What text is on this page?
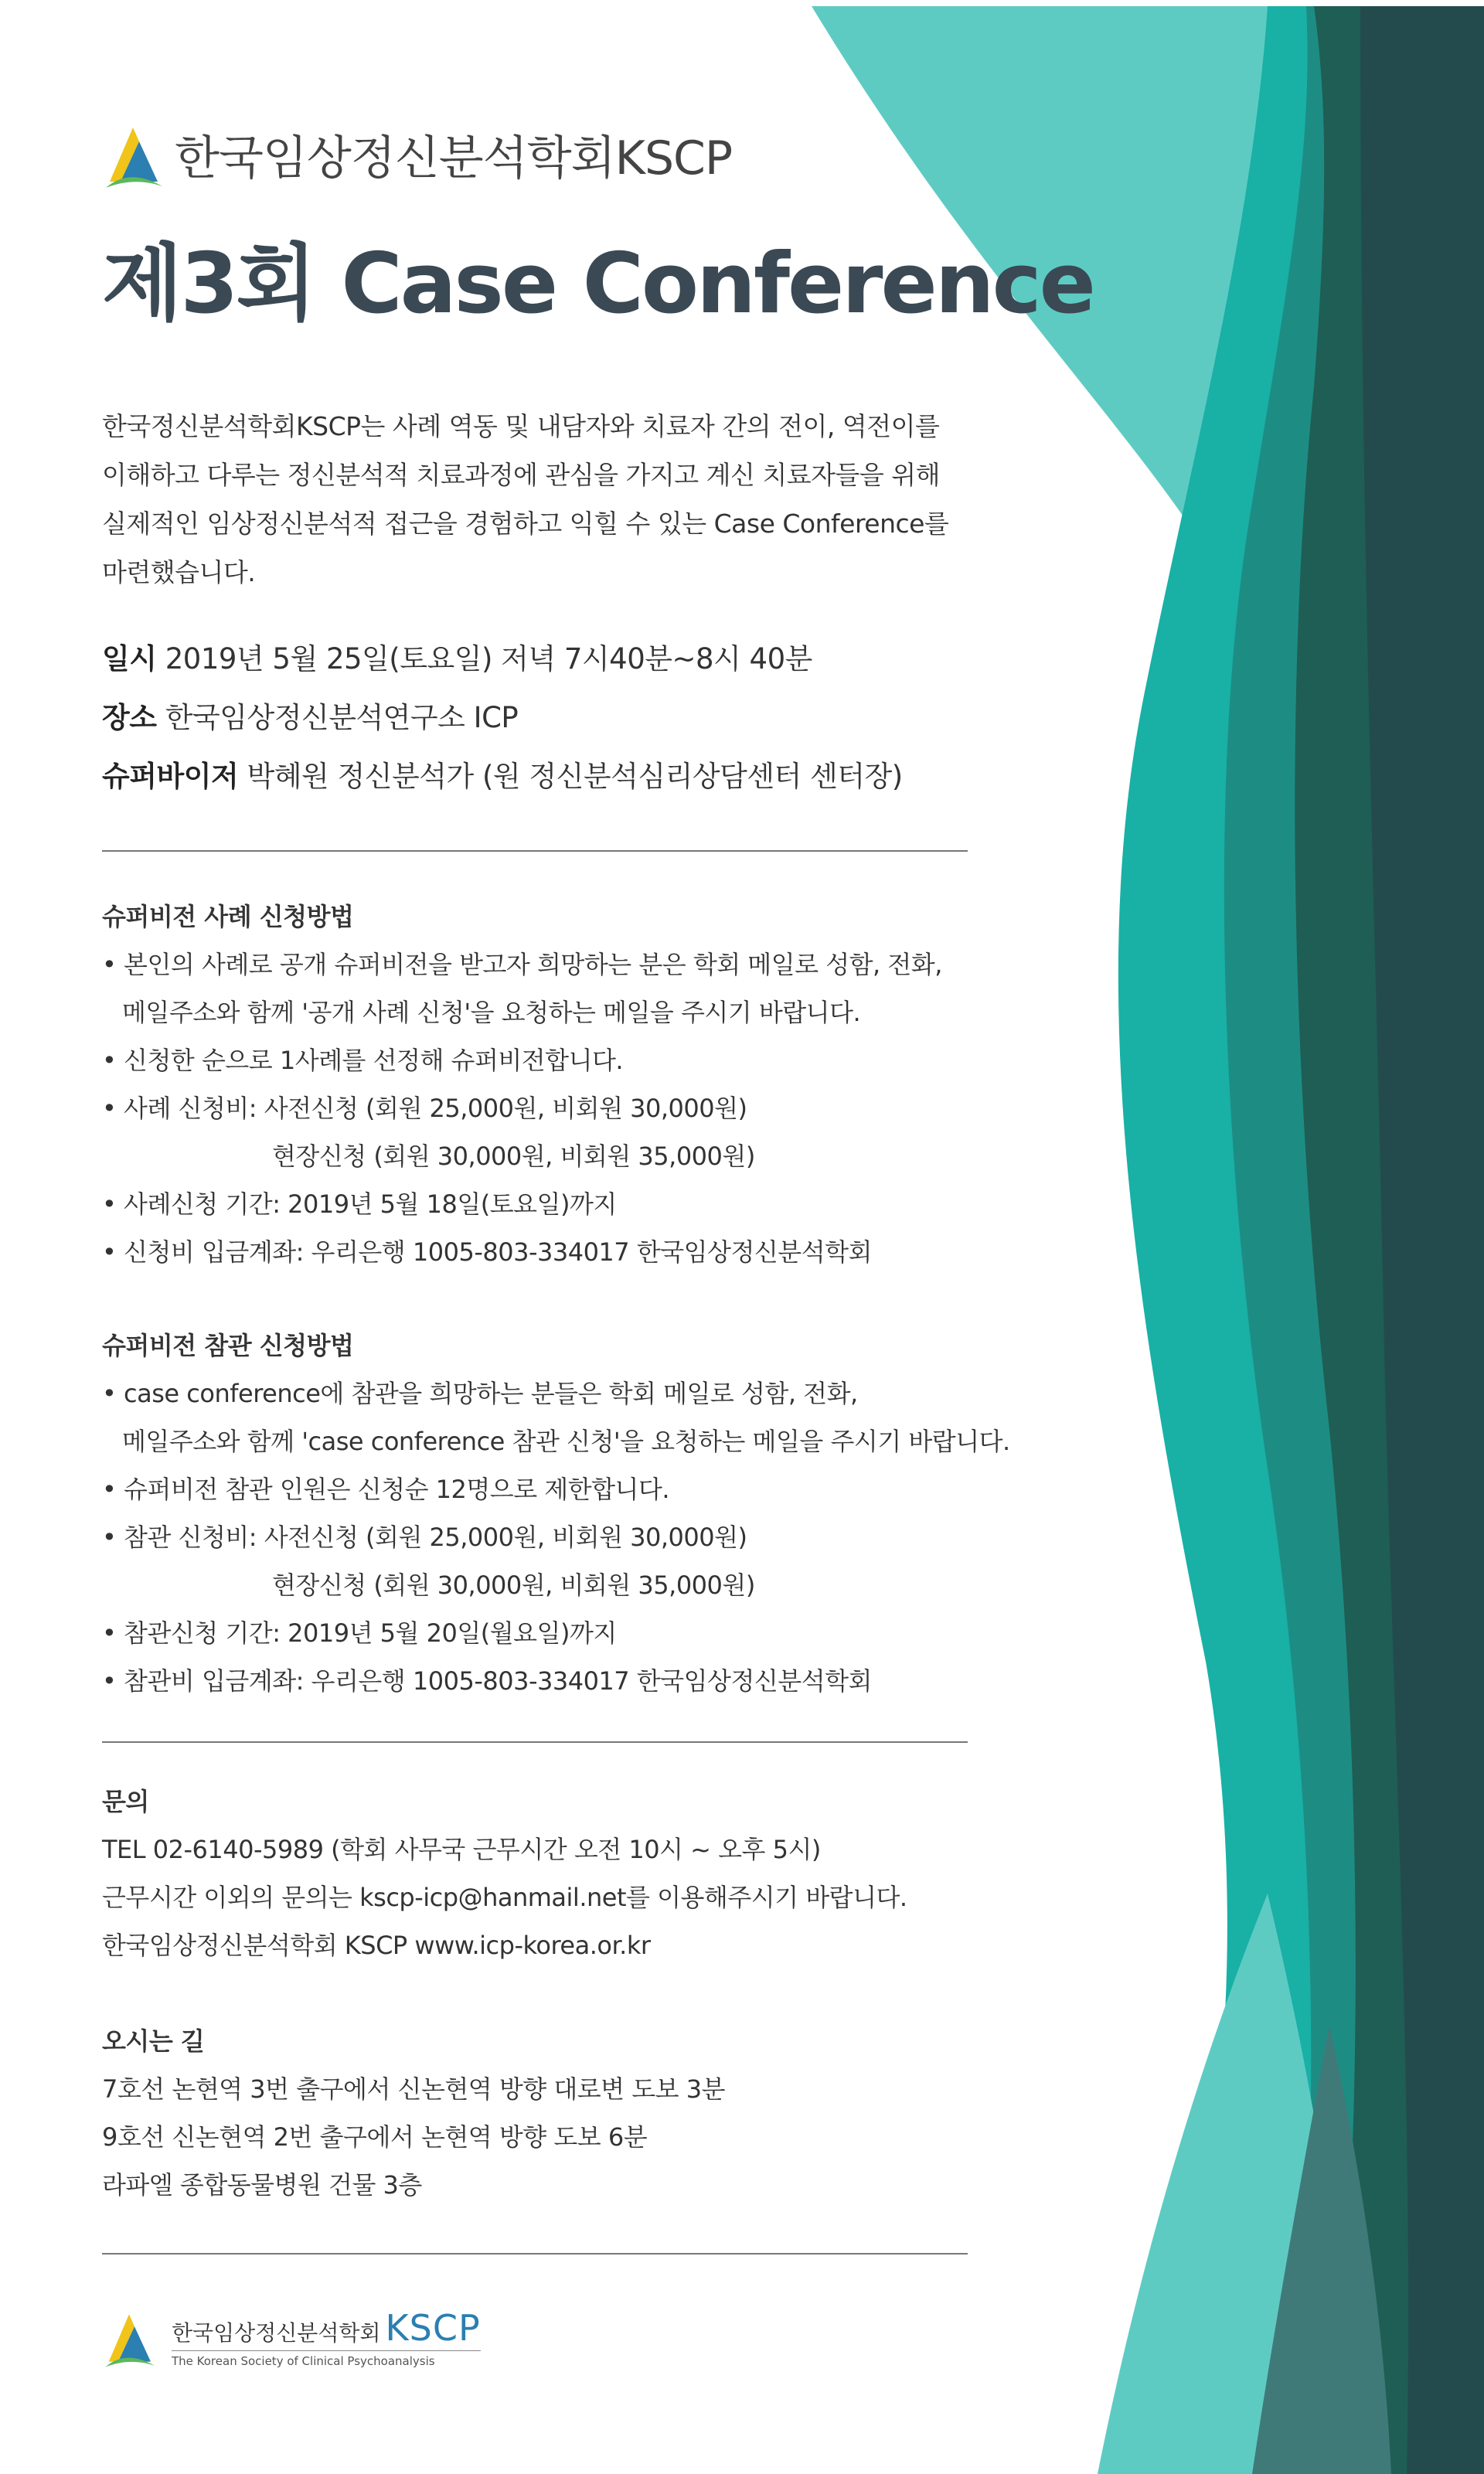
한국임상정신분석학회KSCP
제3회 Case Conference

한국정신분석학회KSCP는 사례 역동 및 내담자와 치료자 간의 전이, 역전이를

이해하고 다루는 정신분석적 치료과정에 관심을 가지고 계신 치료자들을 위해

실제적인 임상정신분석적 접근을 경험하고 익힐 수 있는 Case Conference를

마련했습니다.

일시 2019년 5월 25일(토요일) 저녁 7시40분~8시 40분
장소 한국임상정신분석연구소 ICP
슈퍼바이저 박혜원 정신분석가 (원 정신분석심리상담센터 센터장)
슈퍼비전 사례 신청방법
• 본인의 사례로 공개 슈퍼비전을 받고자 희망하는 분은 학회 메일로 성함, 전화,
메일주소와 함께 '공개 사례 신청'을 요청하는 메일을 주시기 바랍니다.
• 신청한 순으로 1사례를 선정해 슈퍼비전합니다.
• 사례 신청비: 사전신청 (회원 25,000원, 비회원 30,000원)
현장신청 (회원 30,000원, 비회원 35,000원)
• 사례신청 기간: 2019년 5월 18일(토요일)까지
• 신청비 입금계좌: 우리은행 1005-803-334017 한국임상정신분석학회
슈퍼비전 참관 신청방법
• case conference에 참관을 희망하는 분들은 학회 메일로 성함, 전화,
메일주소와 함께 'case conference 참관 신청'을 요청하는 메일을 주시기 바랍니다.
• 슈퍼비전 참관 인원은 신청순 12명으로 제한합니다.
• 참관 신청비: 사전신청 (회원 25,000원, 비회원 30,000원)
현장신청 (회원 30,000원, 비회원 35,000원)
• 참관신청 기간: 2019년 5월 20일(월요일)까지
• 참관비 입금계좌: 우리은행 1005-803-334017 한국임상정신분석학회
문의
TEL 02-6140-5989 (학회 사무국 근무시간 오전 10시 ~ 오후 5시)
근무시간 이외의 문의는 kscp-icp@hanmail.net를 이용해주시기 바랍니다.
한국임상정신분석학회 KSCP www.icp-korea.or.kr
오시는 길
7호선 논현역 3번 출구에서 신논현역 방향 대로변 도보 3분
9호선 신논현역 2번 출구에서 논현역 방향 도보 6분
라파엘 종합동물병원 건물 3층
한국임상정신분석학회 KSCP
The Korean Society of Clinical Psychoanalysis
